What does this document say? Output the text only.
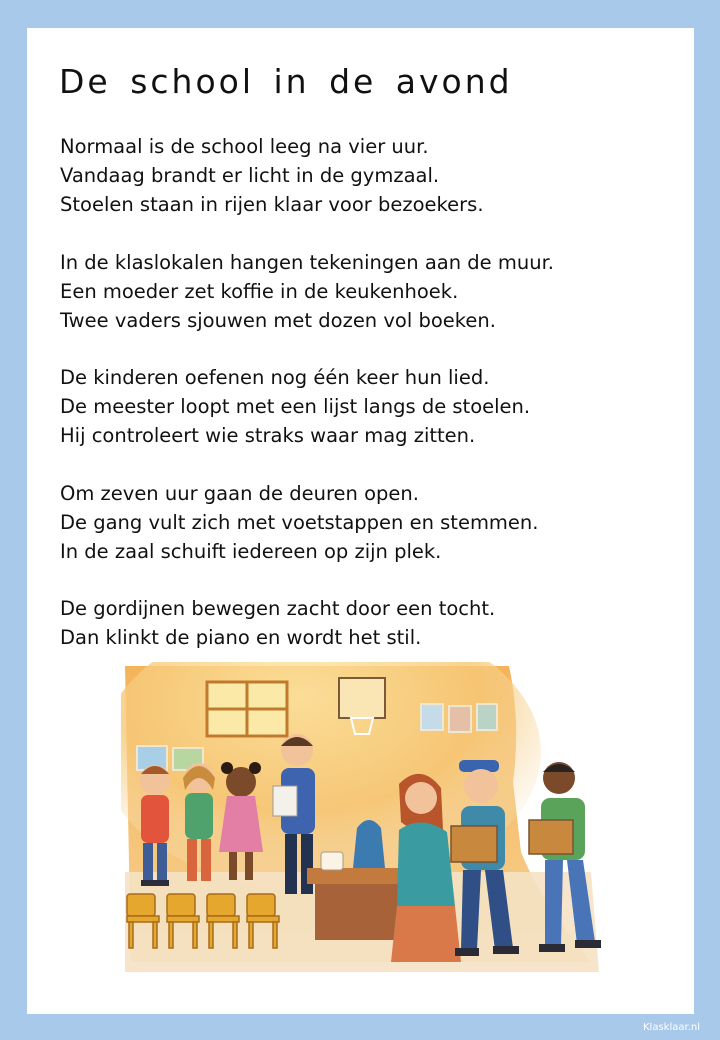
De school in de avond
Normaal is de school leeg na vier uur.
Vandaag brandt er licht in de gymzaal.
Stoelen staan in rijen klaar voor bezoekers.
In de klaslokalen hangen tekeningen aan de muur.
Een moeder zet koffie in de keukenhoek.
Twee vaders sjouwen met dozen vol boeken.
De kinderen oefenen nog één keer hun lied.
De meester loopt met een lijst langs de stoelen.
Hij controleert wie straks waar mag zitten.
Om zeven uur gaan de deuren open.
De gang vult zich met voetstappen en stemmen.
In de zaal schuift iedereen op zijn plek.
De gordijnen bewegen zacht door een tocht.
Dan klinkt de piano en wordt het stil.
Klasklaar.nl
